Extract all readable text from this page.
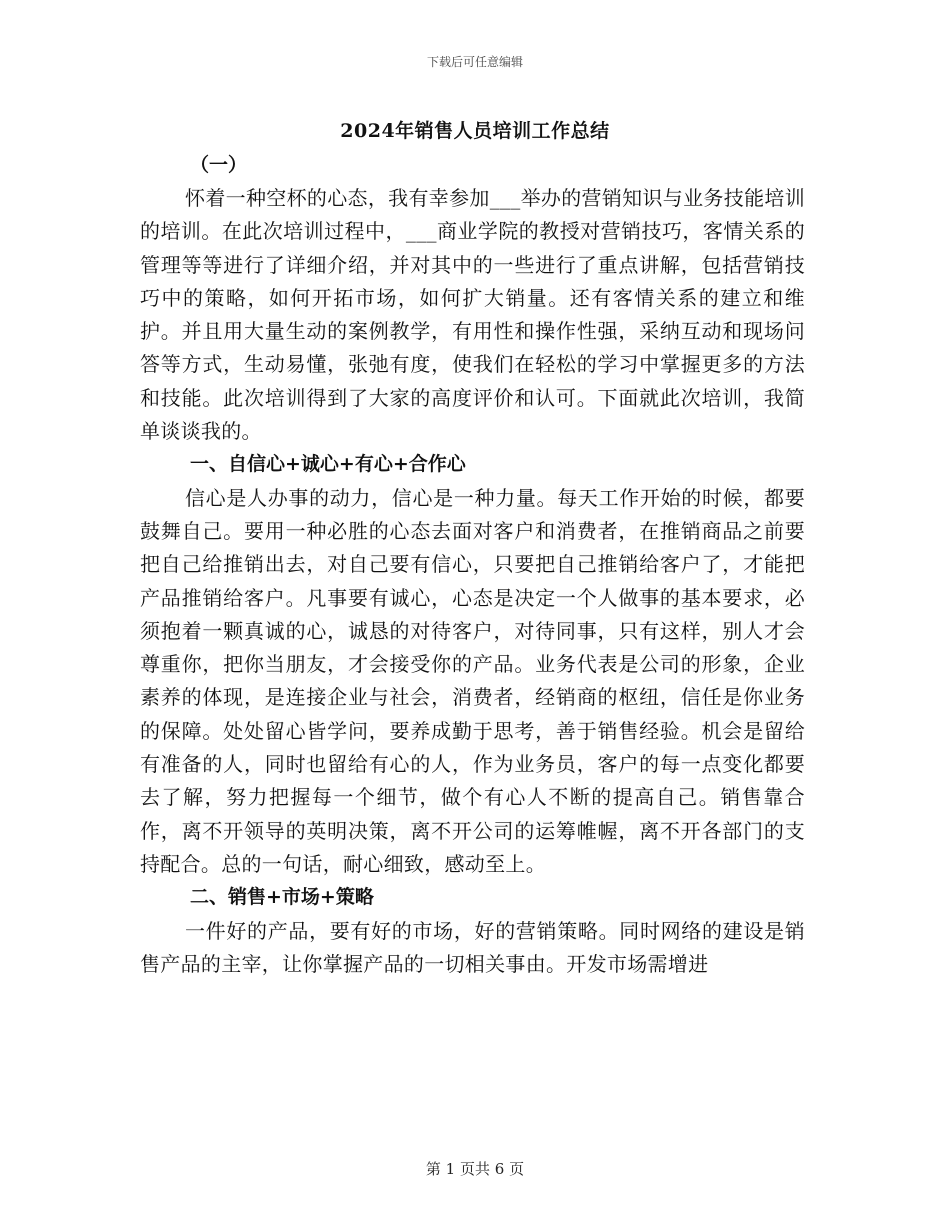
下载后可任意编辑
2024年销售人员培训工作总结
（一）

怀着一种空杯的心态，我有幸参加___举办的营销知识与业务技能培训的培训。在此次培训过程中，___商业学院的教授对营销技巧，客情关系的管理等等进行了详细介绍，并对其中的一些进行了重点讲解，包括营销技巧中的策略，如何开拓市场，如何扩大销量。还有客情关系的建立和维护。并且用大量生动的案例教学，有用性和操作性强，采纳互动和现场问答等方式，生动易懂，张弛有度，使我们在轻松的学习中掌握更多的方法和技能。此次培训得到了大家的高度评价和认可。下面就此次培训，我简单谈谈我的。

一、自信心+诚心+有心+合作心

信心是人办事的动力，信心是一种力量。每天工作开始的时候，都要鼓舞自己。要用一种必胜的心态去面对客户和消费者，在推销商品之前要把自己给推销出去，对自己要有信心，只要把自己推销给客户了，才能把产品推销给客户。凡事要有诚心，心态是决定一个人做事的基本要求，必须抱着一颗真诚的心，诚恳的对待客户，对待同事，只有这样，别人才会尊重你，把你当朋友，才会接受你的产品。业务代表是公司的形象，企业素养的体现，是连接企业与社会，消费者，经销商的枢纽，信任是你业务的保障。处处留心皆学问，要养成勤于思考，善于销售经验。机会是留给有准备的人，同时也留给有心的人，作为业务员，客户的每一点变化都要去了解，努力把握每一个细节，做个有心人不断的提高自己。销售靠合作，离不开领导的英明决策，离不开公司的运筹帷幄，离不开各部门的支持配合。总的一句话，耐心细致，感动至上。

二、销售+市场+策略

一件好的产品，要有好的市场，好的营销策略。同时网络的建设是销售产品的主宰，让你掌握产品的一切相关事由。开发市场需增进

第 1 页共 6 页
